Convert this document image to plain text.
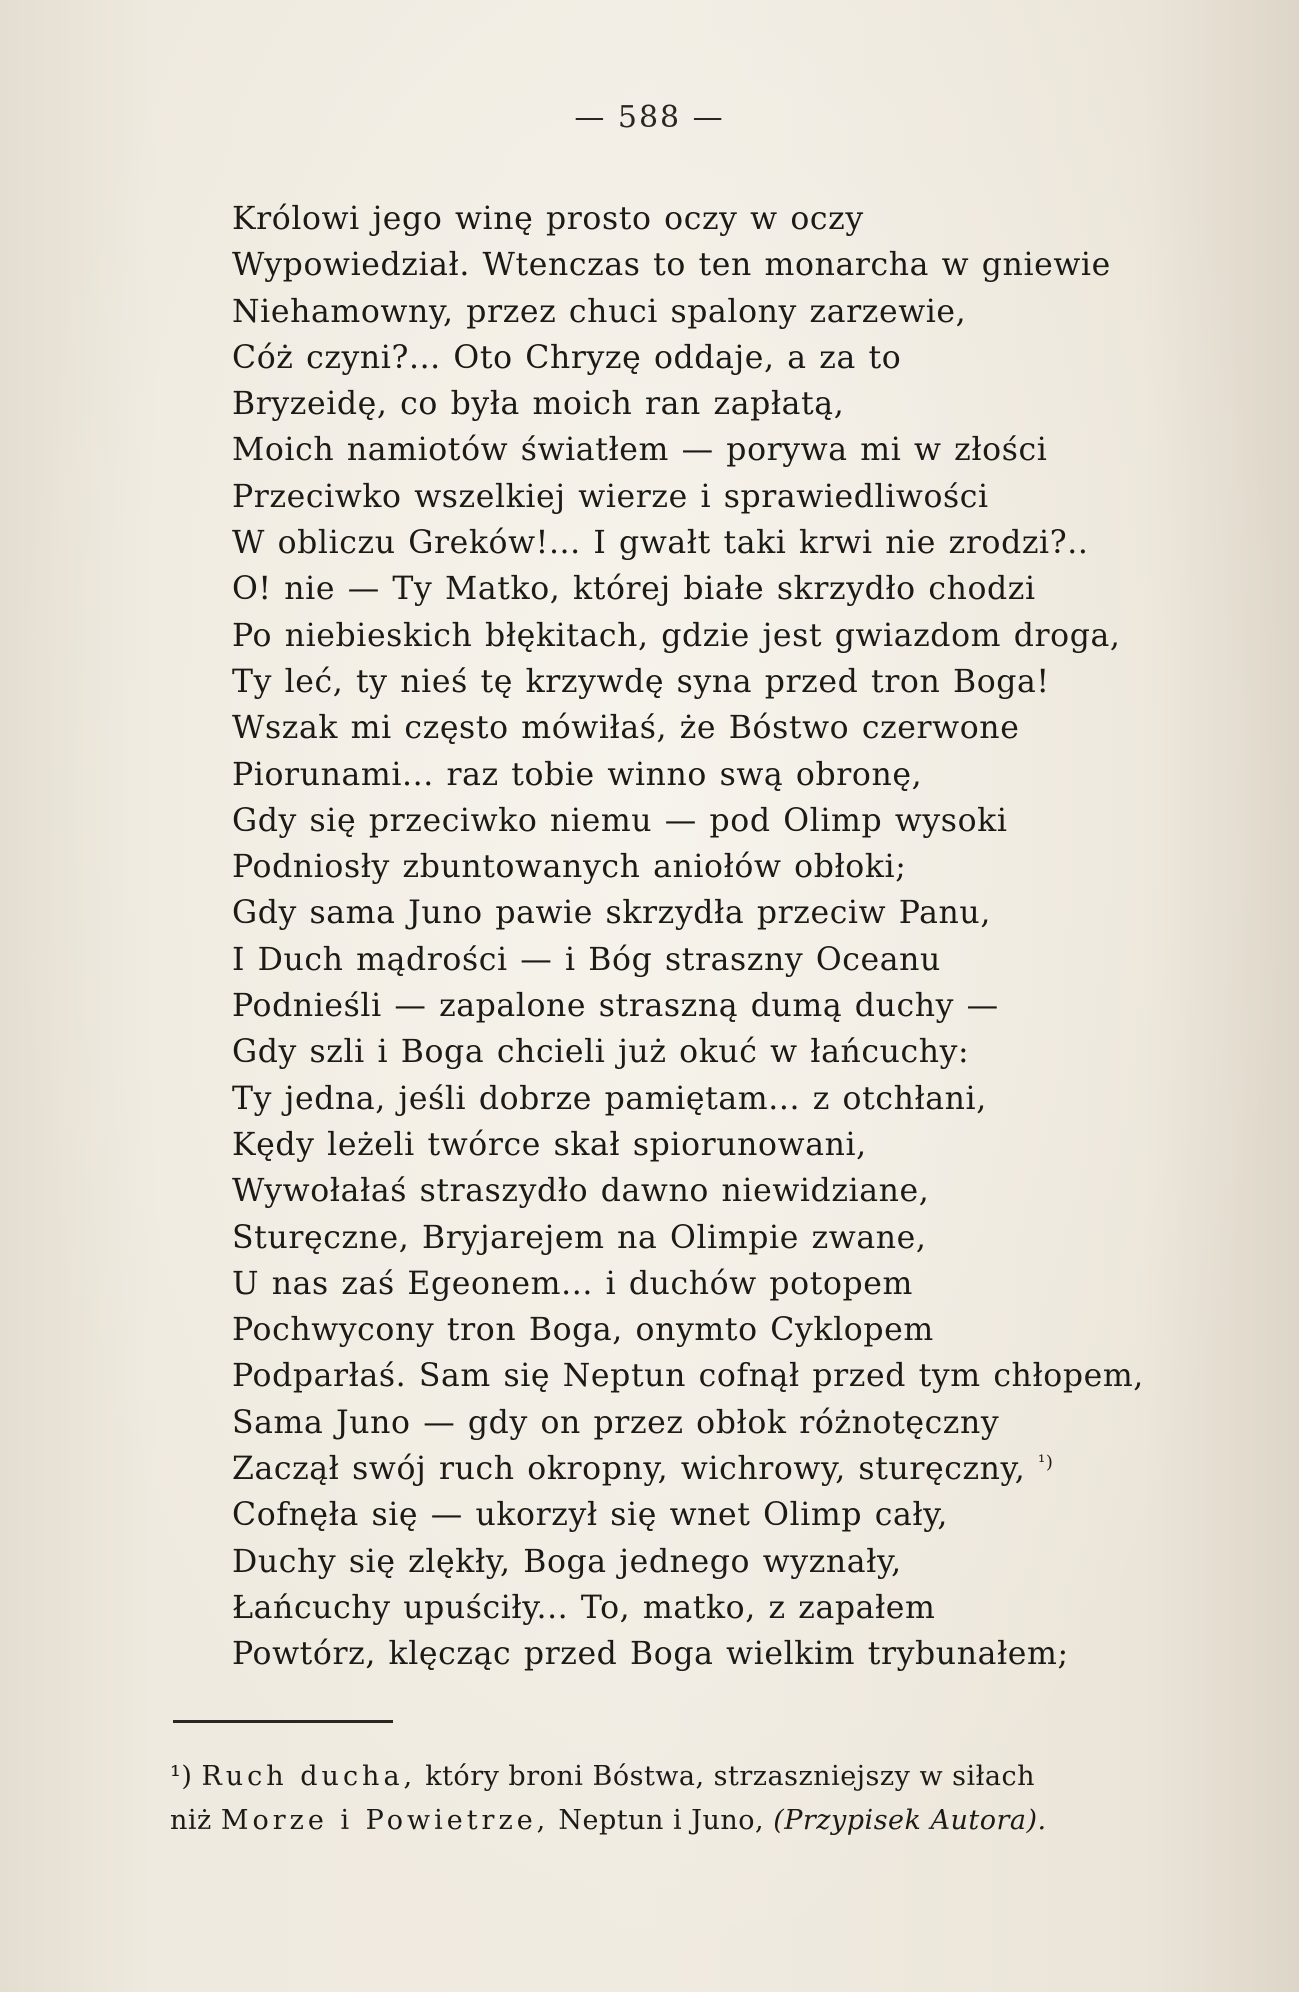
— 588 —
Królowi jego winę prosto oczy w oczy
Wypowiedział. Wtenczas to ten monarcha w gniewie
Niehamowny, przez chuci spalony zarzewie,
Cóż czyni?... Oto Chryzę oddaje, a za to
Bryzeidę, co była moich ran zapłatą,
Moich namiotów światłem — porywa mi w złości
Przeciwko wszelkiej wierze i sprawiedliwości
W obliczu Greków!... I gwałt taki krwi nie zrodzi?..
O! nie — Ty Matko, której białe skrzydło chodzi
Po niebieskich błękitach, gdzie jest gwiazdom droga,
Ty leć, ty nieś tę krzywdę syna przed tron Boga!
Wszak mi często mówiłaś, że Bóstwo czerwone
Piorunami... raz tobie winno swą obronę,
Gdy się przeciwko niemu — pod Olimp wysoki
Podniosły zbuntowanych aniołów obłoki;
Gdy sama Juno pawie skrzydła przeciw Panu,
I Duch mądrości — i Bóg straszny Oceanu
Podnieśli — zapalone straszną dumą duchy —
Gdy szli i Boga chcieli już okuć w łańcuchy:
Ty jedna, jeśli dobrze pamiętam... z otchłani,
Kędy leżeli twórce skał spiorunowani,
Wywołałaś straszydło dawno niewidziane,
Sturęczne, Bryjarejem na Olimpie zwane,
U nas zaś Egeonem... i duchów potopem
Pochwycony tron Boga, onymto Cyklopem
Podparłaś. Sam się Neptun cofnął przed tym chłopem,
Sama Juno — gdy on przez obłok różnotęczny
Zaczął swój ruch okropny, wichrowy, sturęczny, $^{^1)}$
Cofnęła się — ukorzył się wnet Olimp cały,
Duchy się zlękły, Boga jednego wyznały,
Łańcuchy upuściły... To, matko, z zapałem
Powtórz, klęcząc przed Boga wielkim trybunałem;
¹) Ruch ducha, który broni Bóstwa, strzaszniejszy w siłach
niż Morze i Powietrze, Neptun i Juno, (Przypisek Autora).
